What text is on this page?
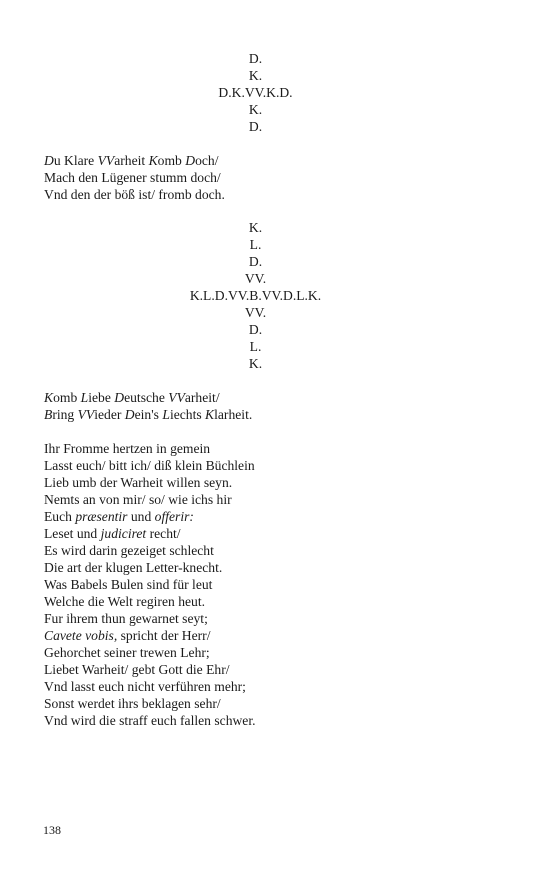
D.
K.
D.K.VV.K.D.
K.
D.
Du Klare VVarheit Komb Doch/
Mach den Lügener stumm doch/
Vnd den der böß ist/ fromb doch.
K.
L.
D.
VV.
K.L.D.VV.B.VV.D.L.K.
VV.
D.
L.
K.
Komb Liebe Deutsche VVarheit/
Bring VVieder Dein's Liechts Klarheit.
Ihr Fromme hertzen in gemein
Lasst euch/ bitt ich/ diß klein Büchlein
Lieb umb der Warheit willen seyn.
Nemts an von mir/ so/ wie ichs hir
Euch præsentir und offerir:
Leset und judiciret recht/
Es wird darin gezeiget schlecht
Die art der klugen Letter-knecht.
Was Babels Bulen sind für leut
Welche die Welt regiren heut.
Fur ihrem thun gewarnet seyt;
Cavete vobis, spricht der Herr/
Gehorchet seiner trewen Lehr;
Liebet Warheit/ gebt Gott die Ehr/
Vnd lasst euch nicht verführen mehr;
Sonst werdet ihrs beklagen sehr/
Vnd wird die straff euch fallen schwer.
138
